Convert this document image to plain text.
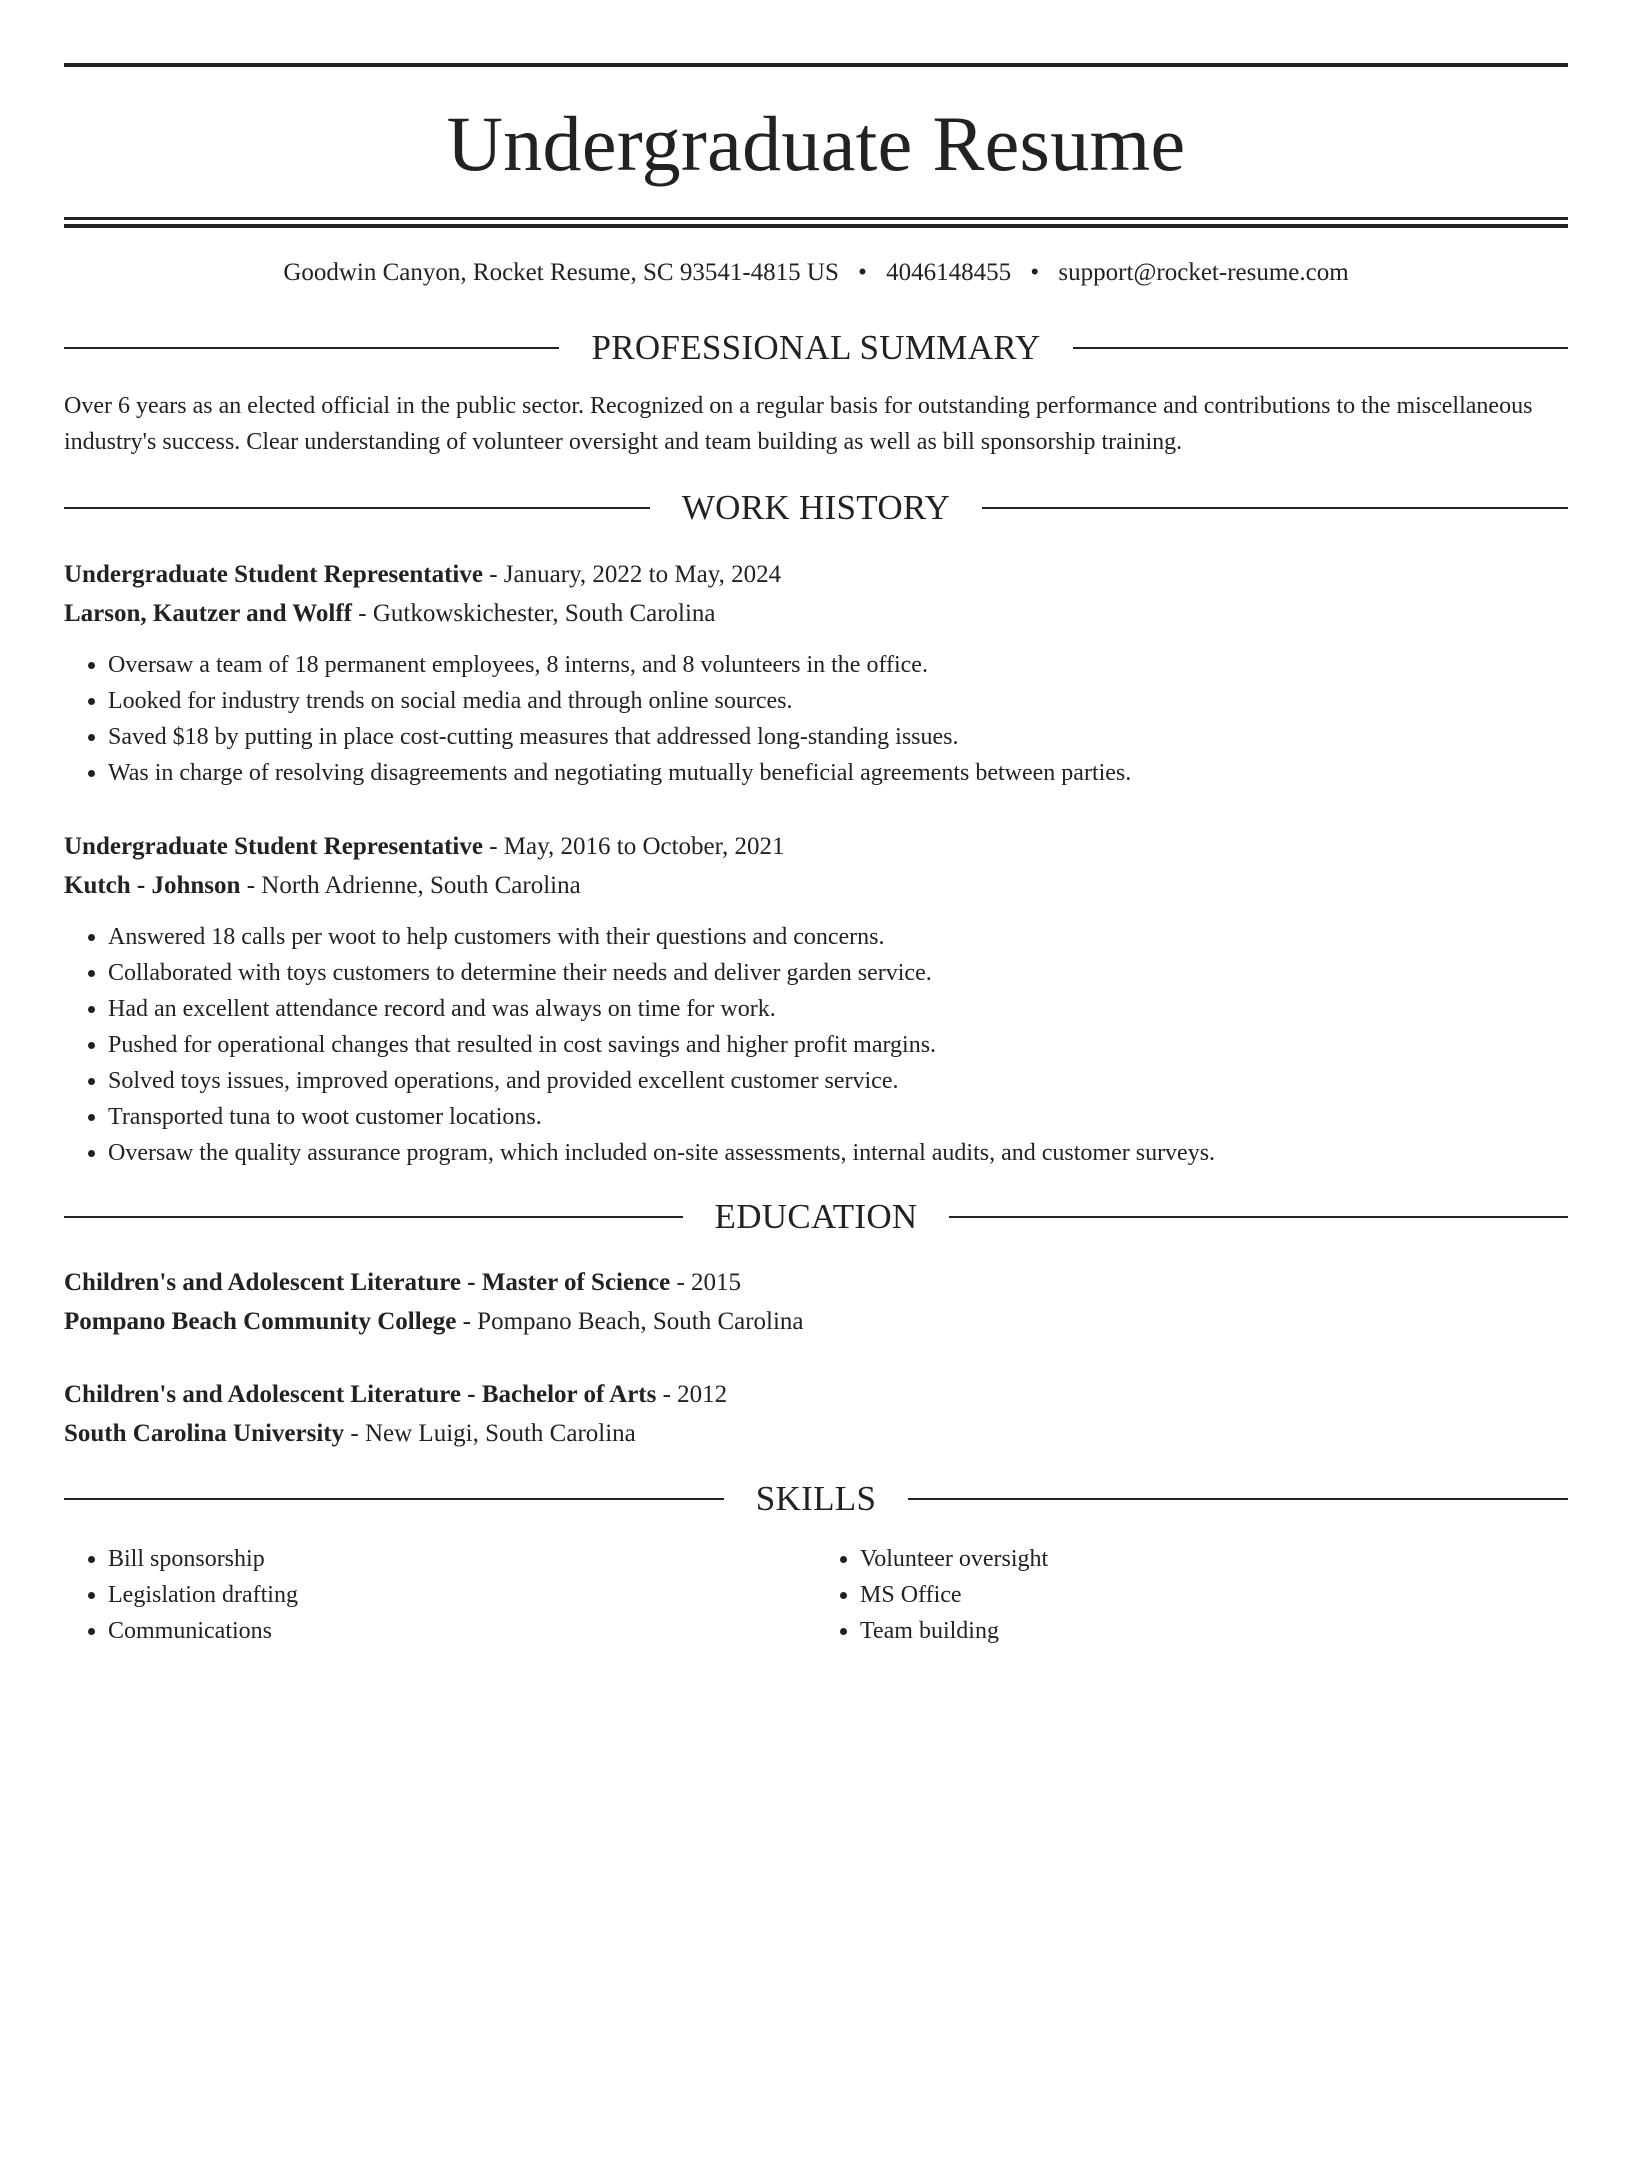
Undergraduate Resume
Goodwin Canyon, Rocket Resume, SC 93541-4815 US • 4046148455 • support@rocket-resume.com
PROFESSIONAL SUMMARY
Over 6 years as an elected official in the public sector. Recognized on a regular basis for outstanding performance and contributions to the miscellaneous industry's success. Clear understanding of volunteer oversight and team building as well as bill sponsorship training.
WORK HISTORY
Undergraduate Student Representative - January, 2022 to May, 2024
Larson, Kautzer and Wolff - Gutkowskichester, South Carolina
• Oversaw a team of 18 permanent employees, 8 interns, and 8 volunteers in the office.
• Looked for industry trends on social media and through online sources.
• Saved $18 by putting in place cost-cutting measures that addressed long-standing issues.
• Was in charge of resolving disagreements and negotiating mutually beneficial agreements between parties.
Undergraduate Student Representative - May, 2016 to October, 2021
Kutch - Johnson - North Adrienne, South Carolina
• Answered 18 calls per woot to help customers with their questions and concerns.
• Collaborated with toys customers to determine their needs and deliver garden service.
• Had an excellent attendance record and was always on time for work.
• Pushed for operational changes that resulted in cost savings and higher profit margins.
• Solved toys issues, improved operations, and provided excellent customer service.
• Transported tuna to woot customer locations.
• Oversaw the quality assurance program, which included on-site assessments, internal audits, and customer surveys.
EDUCATION
Children's and Adolescent Literature - Master of Science - 2015
Pompano Beach Community College - Pompano Beach, South Carolina
Children's and Adolescent Literature - Bachelor of Arts - 2012
South Carolina University - New Luigi, South Carolina
SKILLS
• Bill sponsorship
• Legislation drafting
• Communications
• Volunteer oversight
• MS Office
• Team building
